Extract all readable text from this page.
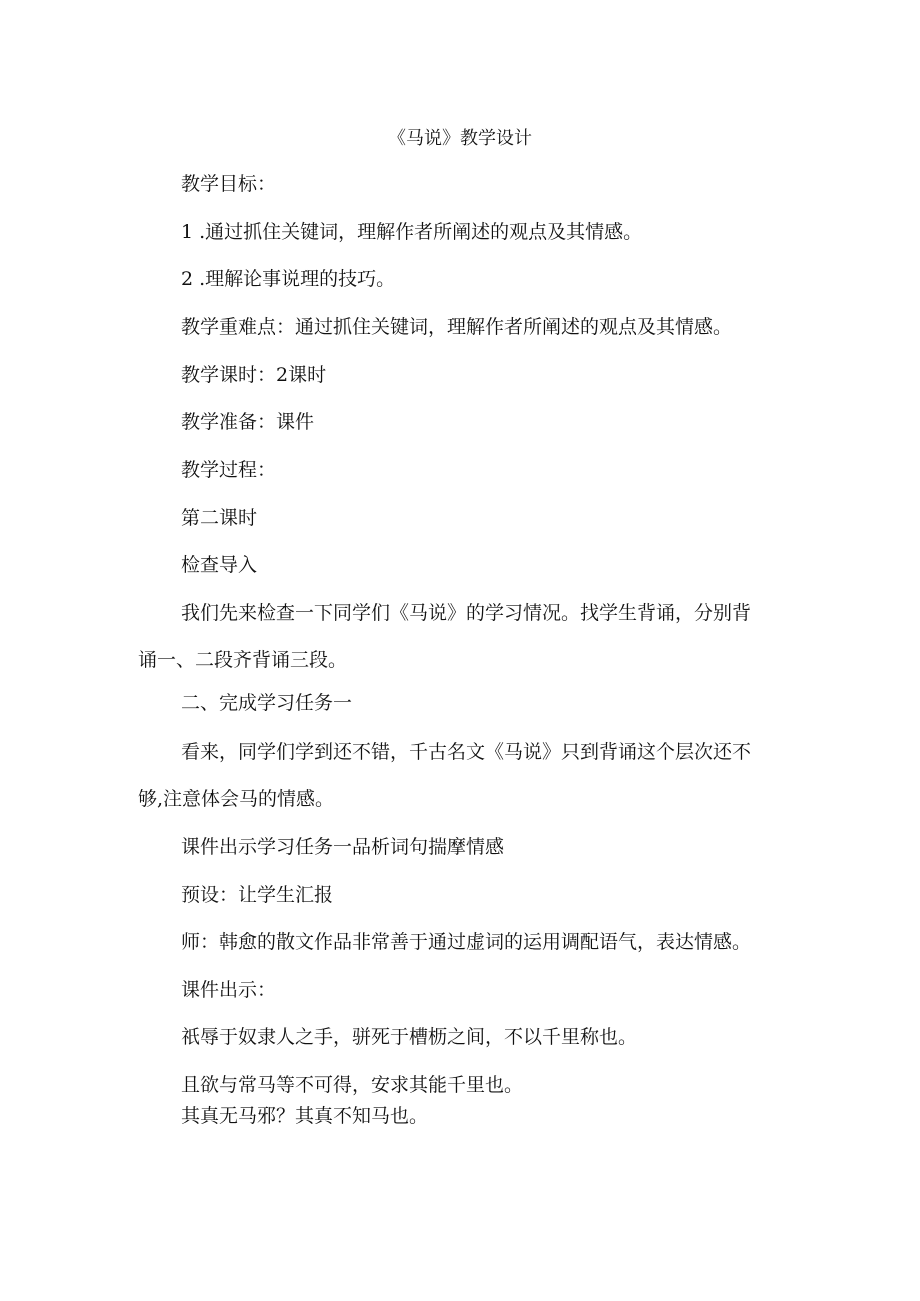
《马说》教学设计
教学目标：
1 .通过抓住关键词，理解作者所阐述的观点及其情感。
2 .理解论事说理的技巧。
教学重难点：通过抓住关键词，理解作者所阐述的观点及其情感。
教学课时：2课时
教学准备：课件
教学过程：
第二课时
检查导入
我们先来检查一下同学们《马说》的学习情况。找学生背诵，分别背
诵一、二段齐背诵三段。
二、完成学习任务一
看来，同学们学到还不错，千古名文《马说》只到背诵这个层次还不
够,注意体会马的情感。
课件出示学习任务一品析词句揣摩情感
预设：让学生汇报
师：韩愈的散文作品非常善于通过虚词的运用调配语气，表达情感。
课件出示：
祇辱于奴隶人之手，骈死于槽枥之间，不以千里称也。
且欲与常马等不可得，安求其能千里也。
其真无马邪？其真不知马也。
